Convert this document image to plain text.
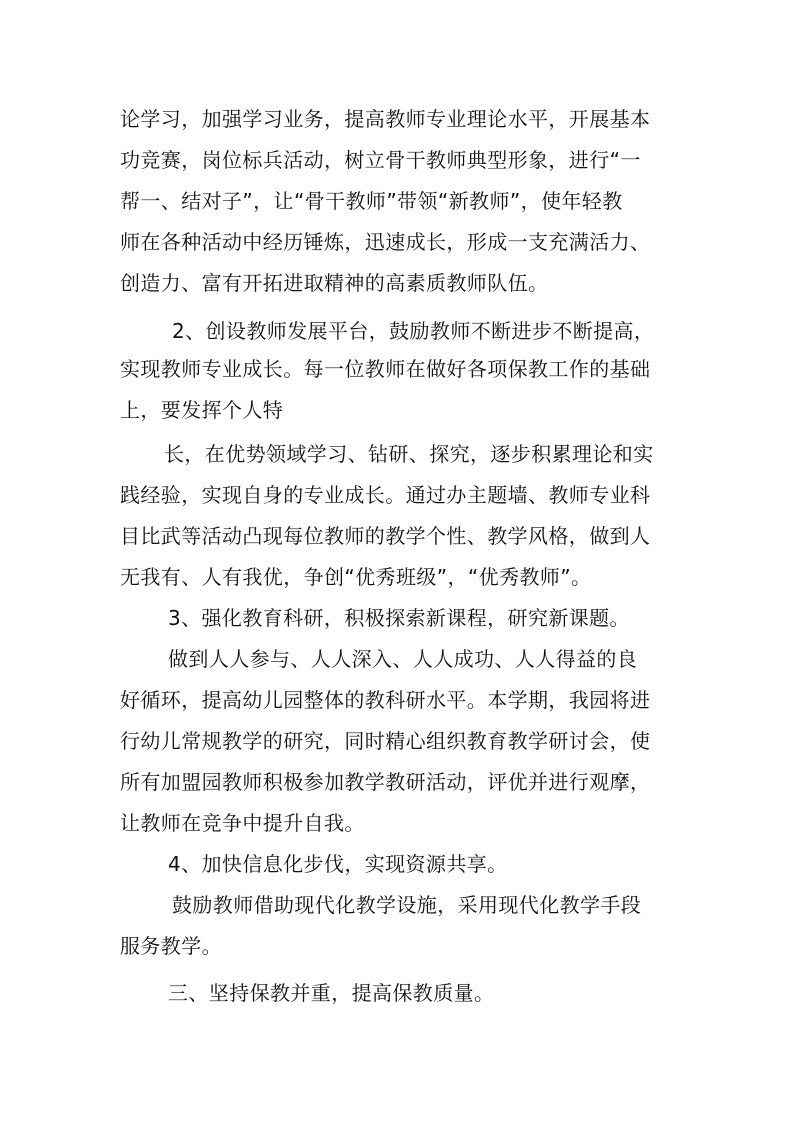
论学习，加强学习业务，提高教师专业理论水平，开展基本
功竞赛，岗位标兵活动，树立骨干教师典型形象，进行“一
帮一、结对子”，让“骨干教师”带领“新教师”，使年轻教
师在各种活动中经历锤炼，迅速成长，形成一支充满活力、
创造力、富有开拓进取精神的高素质教师队伍。
2、创设教师发展平台，鼓励教师不断进步不断提高，
实现教师专业成长。每一位教师在做好各项保教工作的基础
上，要发挥个人特
长，在优势领域学习、钻研、探究，逐步积累理论和实
践经验，实现自身的专业成长。通过办主题墙、教师专业科
目比武等活动凸现每位教师的教学个性、教学风格，做到人
无我有、人有我优，争创“优秀班级”，“优秀教师”。
3、强化教育科研，积极探索新课程，研究新课题。
做到人人参与、人人深入、人人成功、人人得益的良
好循环，提高幼儿园整体的教科研水平。本学期，我园将进
行幼儿常规教学的研究，同时精心组织教育教学研讨会，使
所有加盟园教师积极参加教学教研活动，评优并进行观摩，
让教师在竞争中提升自我。
4、加快信息化步伐，实现资源共享。
鼓励教师借助现代化教学设施，采用现代化教学手段
服务教学。
三、坚持保教并重，提高保教质量。
